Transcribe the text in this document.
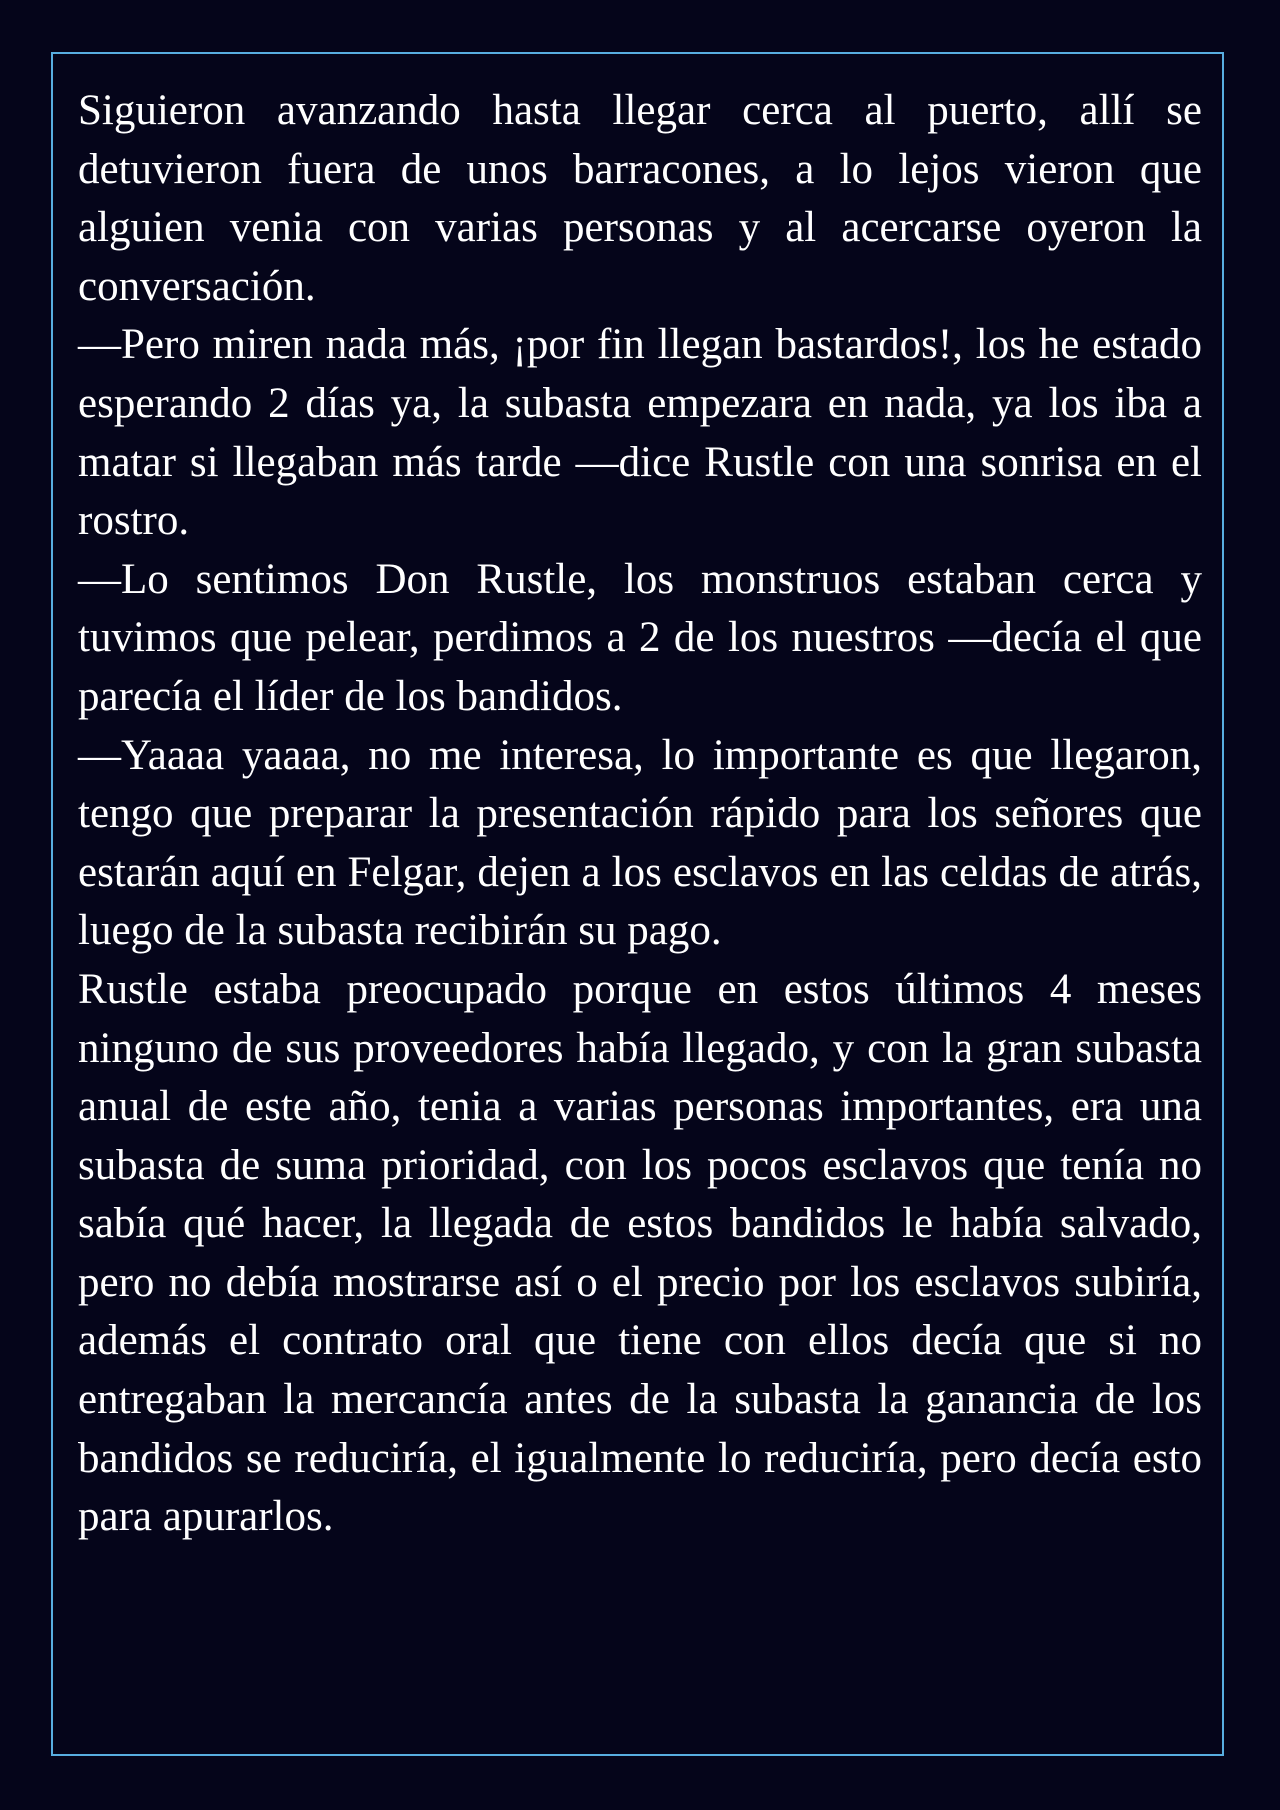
Siguieron avanzando hasta llegar cerca al puerto, allí se detuvieron fuera de unos barracones, a lo lejos vieron que alguien venia con varias personas y al acercarse oyeron la conversación.

—Pero miren nada más, ¡por fin llegan bastardos!, los he estado esperando 2 días ya, la subasta empezara en nada, ya los iba a matar si llegaban más tarde —dice Rustle con una sonrisa en el rostro.

—Lo sentimos Don Rustle, los monstruos estaban cerca y tuvimos que pelear, perdimos a 2 de los nuestros —decía el que parecía el líder de los bandidos.

—Yaaaa yaaaa, no me interesa, lo importante es que llegaron, tengo que preparar la presentación rápido para los señores que estarán aquí en Felgar, dejen a los esclavos en las celdas de atrás, luego de la subasta recibirán su pago.

Rustle estaba preocupado porque en estos últimos 4 meses ninguno de sus proveedores había llegado, y con la gran subasta anual de este año, tenia a varias personas importantes, era una subasta de suma prioridad, con los pocos esclavos que tenía no sabía qué hacer, la llegada de estos bandidos le había salvado, pero no debía mostrarse así o el precio por los esclavos subiría, además el contrato oral que tiene con ellos decía que si no entregaban la mercancía antes de la subasta la ganancia de los bandidos se reduciría, el igualmente lo reduciría, pero decía esto para apurarlos.
